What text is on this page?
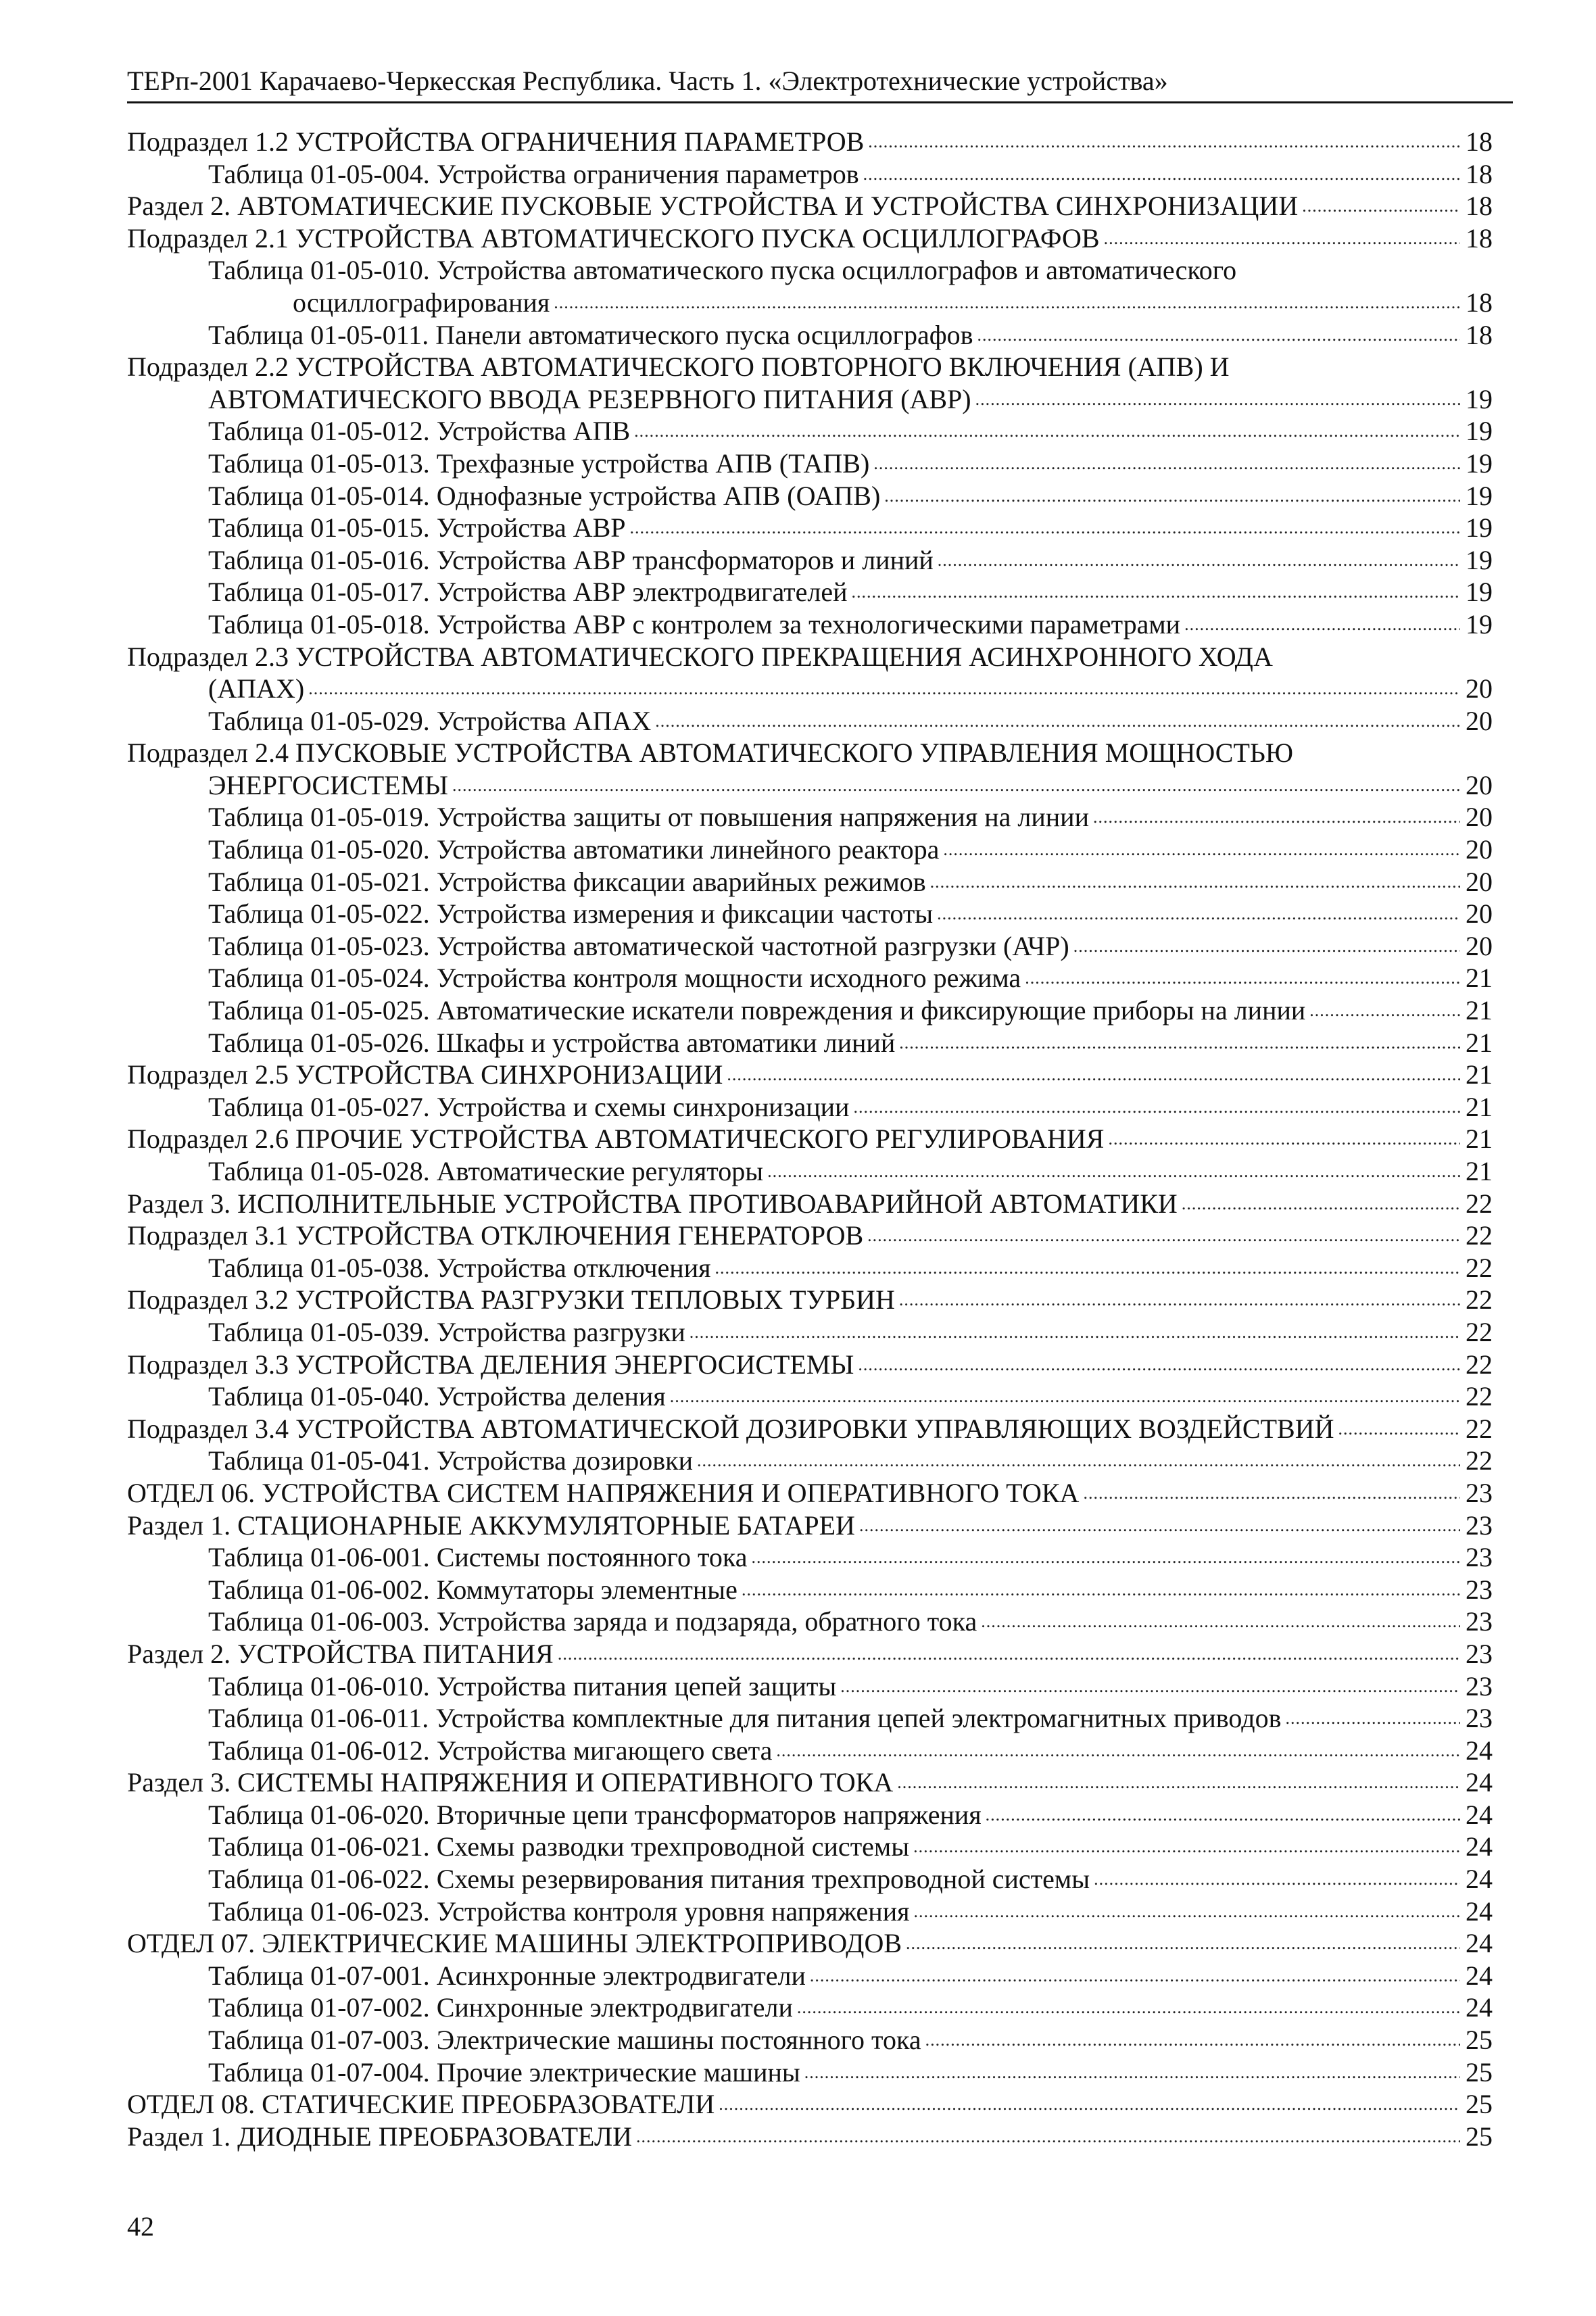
ТЕРп-2001 Карачаево-Черкесская Республика. Часть 1. «Электротехнические устройства»
Подраздел 1.2 УСТРОЙСТВА ОГРАНИЧЕНИЯ ПАРАМЕТРОВ .....	18
Таблица 01-05-004. Устройства ограничения параметров .....	18
Раздел 2. АВТОМАТИЧЕСКИЕ ПУСКОВЫЕ УСТРОЙСТВА И УСТРОЙСТВА СИНХРОНИЗАЦИИ .....	18
Подраздел 2.1 УСТРОЙСТВА АВТОМАТИЧЕСКОГО ПУСКА ОСЦИЛЛОГРАФОВ .....	18
Таблица 01-05-010. Устройства автоматического пуска осциллографов и автоматического
осциллографирования .....	18
Таблица 01-05-011. Панели автоматического пуска осциллографов .....	18
Подраздел 2.2 УСТРОЙСТВА АВТОМАТИЧЕСКОГО ПОВТОРНОГО ВКЛЮЧЕНИЯ (АПВ) И
АВТОМАТИЧЕСКОГО ВВОДА РЕЗЕРВНОГО ПИТАНИЯ (АВР) .....	19
Таблица 01-05-012. Устройства АПВ .....	19
Таблица 01-05-013. Трехфазные устройства АПВ (ТАПВ) .....	19
Таблица 01-05-014. Однофазные устройства АПВ (ОАПВ) .....	19
Таблица 01-05-015. Устройства АВР .....	19
Таблица 01-05-016. Устройства АВР трансформаторов и линий .....	19
Таблица 01-05-017. Устройства АВР электродвигателей .....	19
Таблица 01-05-018. Устройства АВР с контролем за технологическими параметрами .....	19
Подраздел 2.3 УСТРОЙСТВА АВТОМАТИЧЕСКОГО ПРЕКРАЩЕНИЯ АСИНХРОННОГО ХОДА
(АПАХ) .....	20
Таблица 01-05-029. Устройства АПАХ .....	20
Подраздел 2.4 ПУСКОВЫЕ УСТРОЙСТВА АВТОМАТИЧЕСКОГО УПРАВЛЕНИЯ МОЩНОСТЬЮ
ЭНЕРГОСИСТЕМЫ .....	20
Таблица 01-05-019. Устройства защиты от повышения напряжения на линии .....	20
Таблица 01-05-020. Устройства автоматики линейного реактора .....	20
Таблица 01-05-021. Устройства фиксации аварийных режимов .....	20
Таблица 01-05-022. Устройства измерения и фиксации частоты .....	20
Таблица 01-05-023. Устройства автоматической частотной разгрузки (АЧР) .....	20
Таблица 01-05-024. Устройства контроля мощности исходного режима .....	21
Таблица 01-05-025. Автоматические искатели повреждения и фиксирующие приборы на линии .....	21
Таблица 01-05-026. Шкафы и устройства автоматики линий .....	21
Подраздел 2.5 УСТРОЙСТВА СИНХРОНИЗАЦИИ .....	21
Таблица 01-05-027. Устройства и схемы синхронизации .....	21
Подраздел 2.6 ПРОЧИЕ УСТРОЙСТВА АВТОМАТИЧЕСКОГО РЕГУЛИРОВАНИЯ .....	21
Таблица 01-05-028. Автоматические регуляторы .....	21
Раздел 3. ИСПОЛНИТЕЛЬНЫЕ УСТРОЙСТВА ПРОТИВОАВАРИЙНОЙ АВТОМАТИКИ .....	22
Подраздел 3.1 УСТРОЙСТВА ОТКЛЮЧЕНИЯ ГЕНЕРАТОРОВ .....	22
Таблица 01-05-038. Устройства отключения .....	22
Подраздел 3.2 УСТРОЙСТВА РАЗГРУЗКИ ТЕПЛОВЫХ ТУРБИН .....	22
Таблица 01-05-039. Устройства разгрузки .....	22
Подраздел 3.3 УСТРОЙСТВА ДЕЛЕНИЯ ЭНЕРГОСИСТЕМЫ .....	22
Таблица 01-05-040. Устройства деления .....	22
Подраздел 3.4 УСТРОЙСТВА АВТОМАТИЧЕСКОЙ ДОЗИРОВКИ УПРАВЛЯЮЩИХ ВОЗДЕЙСТВИЙ .....	22
Таблица 01-05-041. Устройства дозировки .....	22
ОТДЕЛ 06. УСТРОЙСТВА СИСТЕМ НАПРЯЖЕНИЯ И ОПЕРАТИВНОГО ТОКА .....	23
Раздел 1. СТАЦИОНАРНЫЕ АККУМУЛЯТОРНЫЕ БАТАРЕИ .....	23
Таблица 01-06-001. Системы постоянного тока .....	23
Таблица 01-06-002. Коммутаторы элементные .....	23
Таблица 01-06-003. Устройства заряда и подзаряда, обратного тока .....	23
Раздел 2. УСТРОЙСТВА ПИТАНИЯ .....	23
Таблица 01-06-010. Устройства питания цепей защиты .....	23
Таблица 01-06-011. Устройства комплектные для питания цепей электромагнитных приводов .....	23
Таблица 01-06-012. Устройства мигающего света .....	24
Раздел 3. СИСТЕМЫ НАПРЯЖЕНИЯ И ОПЕРАТИВНОГО ТОКА .....	24
Таблица 01-06-020. Вторичные цепи трансформаторов напряжения .....	24
Таблица 01-06-021. Схемы разводки трехпроводной системы .....	24
Таблица 01-06-022. Схемы резервирования питания трехпроводной системы .....	24
Таблица 01-06-023. Устройства контроля уровня напряжения .....	24
ОТДЕЛ 07. ЭЛЕКТРИЧЕСКИЕ МАШИНЫ ЭЛЕКТРОПРИВОДОВ .....	24
Таблица 01-07-001. Асинхронные электродвигатели .....	24
Таблица 01-07-002. Синхронные электродвигатели .....	24
Таблица 01-07-003. Электрические машины постоянного тока .....	25
Таблица 01-07-004. Прочие электрические машины .....	25
ОТДЕЛ 08. СТАТИЧЕСКИЕ ПРЕОБРАЗОВАТЕЛИ .....	25
Раздел 1. ДИОДНЫЕ ПРЕОБРАЗОВАТЕЛИ .....	25
42
